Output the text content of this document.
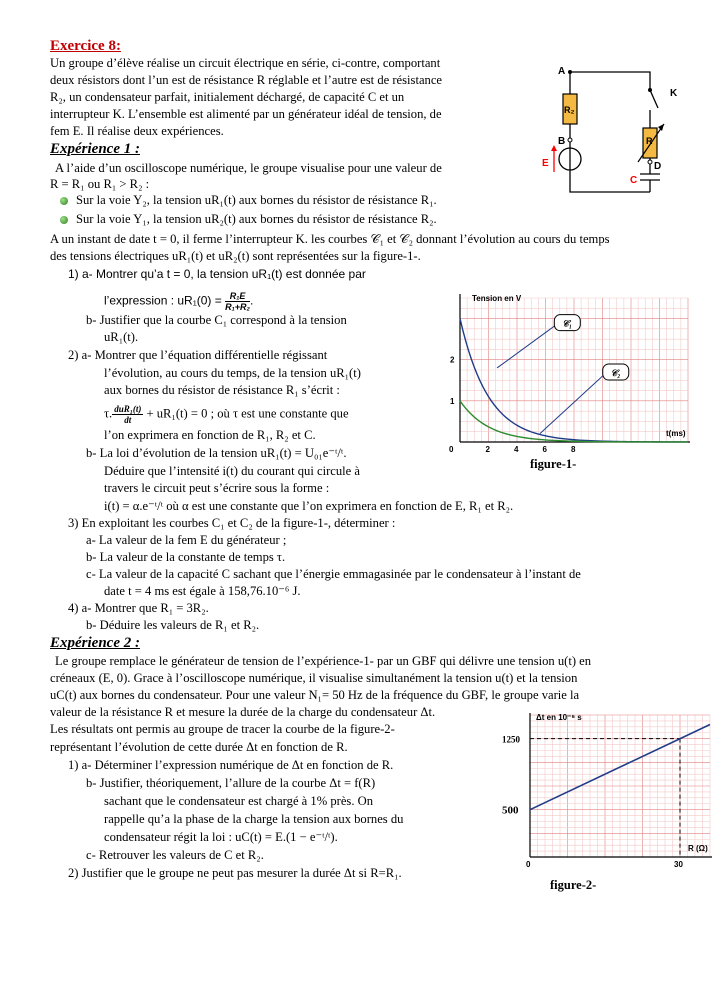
Exercice 8:
Un groupe d’élève réalise un circuit électrique en série, ci-contre, comportant
deux résistors dont l’un est de résistance R réglable et l’autre est de résistance
R₂, un condensateur parfait, initialement déchargé, de capacité C et un
interrupteur K. L’ensemble est alimenté par un générateur idéal de tension, de
fem E. Il réalise deux expériences.
Expérience 1 :
A l’aide d’un oscilloscope numérique, le groupe visualise pour une valeur de
R = R₁ ou R₁ > R₂ :
Sur la voie Y₂, la tension uR₁(t) aux bornes du résistor de résistance R₁.
Sur la voie Y₁, la tension uR₂(t) aux bornes du résistor de résistance R₂.
A un instant de date t = 0, il ferme l’interrupteur K. les courbes 𝒞₁ et 𝒞₂ donnant l’évolution au cours du temps
des tensions électriques uR₁(t) et uR₂(t) sont représentées sur la figure-1-.
1) a- Montrer qu’a t = 0, la tension uR₁(t) est donnée par
l’expression : $uR_1(0) = \frac{\text{R₁E}}{\text{R₁+R₂}}$ .
b- Justifier que la courbe C₁ correspond à la tension
uR₁(t).
2) a- Montrer que l’équation différentielle régissant
l’évolution, au cours du temps, de la tension uR₁(t)
aux bornes du résistor de résistance R₁ s’écrit :
τ. $\frac{\text{duR₁(t)}}{dt} + uR_1(t) = 0$ ; où τ est une constante que
l’on exprimera en fonction de R₁, R₂ et C.
b- La loi d’évolution de la tension uR₁(t) = U₀₁e⁻ᵗ/ᵗ.
Déduire que l’intensité i(t) du courant qui circule à
travers le circuit peut s’écrire sous la forme :
i(t) = α.e⁻ᵗ/ᵗ où α est une constante que l’on exprimera en fonction de E, R₁ et R₂.
3) En exploitant les courbes C₁ et C₂ de la figure-1-, déterminer :
a- La valeur de la fem E du générateur ;
b- La valeur de la constante de temps τ.
c- La valeur de la capacité C sachant que l’énergie emmagasinée par le condensateur à l’instant de
date t = 4 ms est égale à 158,76.10⁻⁶ J.
4) a- Montrer que R₁ = 3R₂.
b- Déduire les valeurs de R₁ et R₂.
Expérience 2 :
Le groupe remplace le générateur de tension de l’expérience-1- par un GBF qui délivre une tension u(t) en
créneaux (E, 0). Grace à l’oscilloscope numérique, il visualise simultanément la tension u(t) et la tension
uC(t) aux bornes du condensateur. Pour une valeur N₁= 50 Hz de la fréquence du GBF, le groupe varie la
valeur de la résistance R et mesure la durée de la charge du condensateur Δt.
Les résultats ont permis au groupe de tracer la courbe de la figure-2-
représentant l’évolution de cette durée Δt en fonction de R.
1) a- Déterminer l’expression numérique de Δt en fonction de R.
b- Justifier, théoriquement, l’allure de la courbe Δt = f(R)
sachant que le condensateur est chargé à 1% près. On
rappelle qu’a la phase de la charge la tension aux bornes du
condensateur régit la loi : uC(t) = E.(1 − e⁻ᵗ/ᵗ).
c- Retrouver les valeurs de C et R₂.
2) Justifier que le groupe ne peut pas mesurer la durée Δt si R=R₁.
A
K
B
D
E
C
R₂
R
Tension en V
t(ms)
0	2	4	6	8
1
2
𝒞₁
𝒞₂
figure-1-
Δt en 10⁻⁶ s
R (Ω)
0	30
500
1250
figure-2-
